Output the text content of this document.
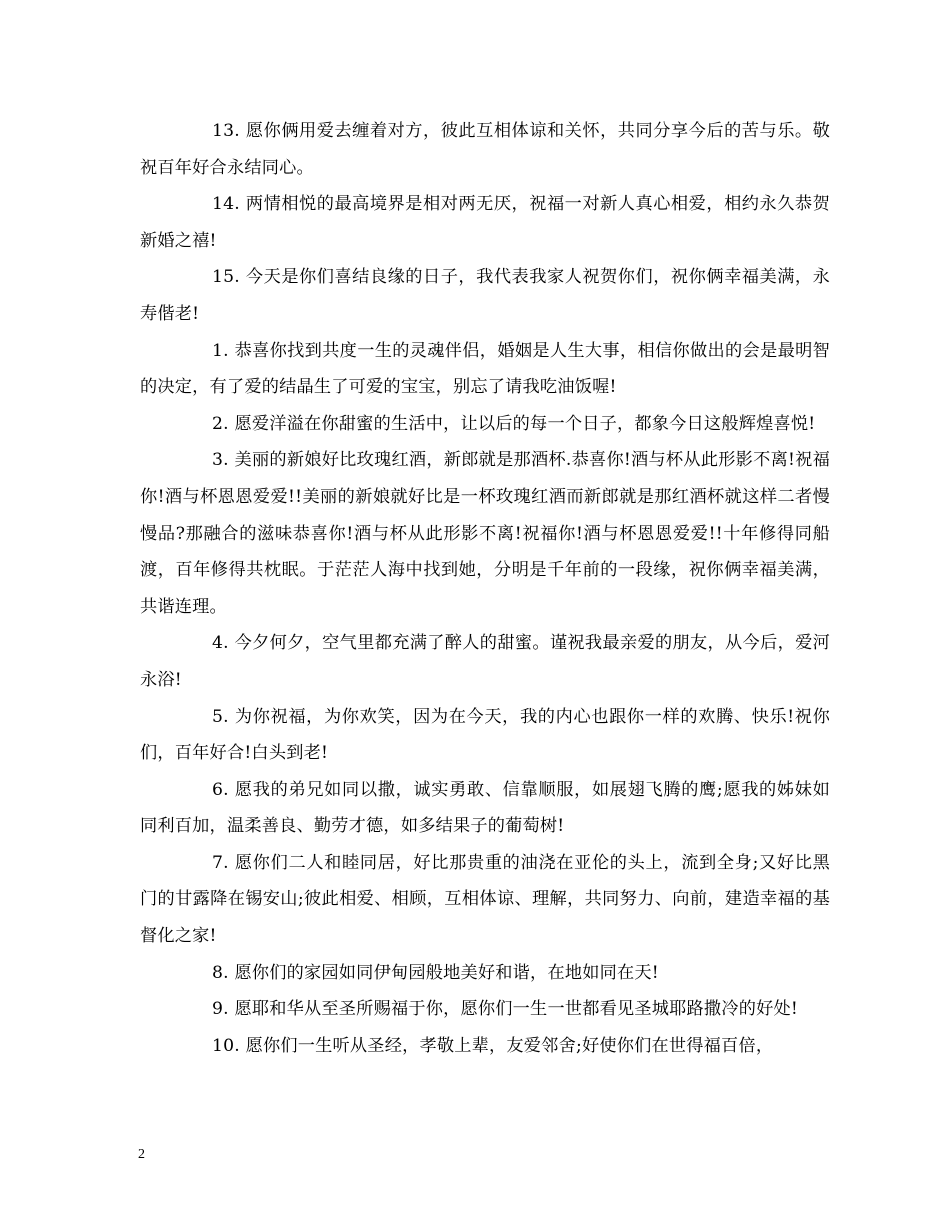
13. 愿你俩用爱去缠着对方，彼此互相体谅和关怀，共同分享今后的苦与乐。敬祝百年好合永结同心。

14. 两情相悦的最高境界是相对两无厌，祝福一对新人真心相爱，相约永久恭贺新婚之禧!

15. 今天是你们喜结良缘的日子，我代表我家人祝贺你们，祝你俩幸福美满，永寿偕老!

1. 恭喜你找到共度一生的灵魂伴侣，婚姻是人生大事，相信你做出的会是最明智的决定，有了爱的结晶生了可爱的宝宝，别忘了请我吃油饭喔!

2. 愿爱洋溢在你甜蜜的生活中，让以后的每一个日子，都象今日这般辉煌喜悦!

3. 美丽的新娘好比玫瑰红酒，新郎就是那酒杯.恭喜你!酒与杯从此形影不离!祝福你!酒与杯恩恩爱爱!!美丽的新娘就好比是一杯玫瑰红酒而新郎就是那红酒杯就这样二者慢慢品?那融合的滋味恭喜你!酒与杯从此形影不离!祝福你!酒与杯恩恩爱爱!!十年修得同船渡，百年修得共枕眠。于茫茫人海中找到她，分明是千年前的一段缘，祝你俩幸福美满，共谐连理。

4. 今夕何夕，空气里都充满了醉人的甜蜜。谨祝我最亲爱的朋友，从今后，爱河永浴!

5. 为你祝福，为你欢笑，因为在今天，我的内心也跟你一样的欢腾、快乐!祝你们，百年好合!白头到老!

6. 愿我的弟兄如同以撒，诚实勇敢、信靠顺服，如展翅飞腾的鹰;愿我的姊妹如同利百加，温柔善良、勤劳才德，如多结果子的葡萄树!

7. 愿你们二人和睦同居，好比那贵重的油浇在亚伦的头上，流到全身;又好比黑门的甘露降在锡安山;彼此相爱、相顾，互相体谅、理解，共同努力、向前，建造幸福的基督化之家!

8. 愿你们的家园如同伊甸园般地美好和谐，在地如同在天!

9. 愿耶和华从至圣所赐福于你，愿你们一生一世都看见圣城耶路撒冷的好处!

10. 愿你们一生听从圣经，孝敬上辈，友爱邻舍;好使你们在世得福百倍，

2
